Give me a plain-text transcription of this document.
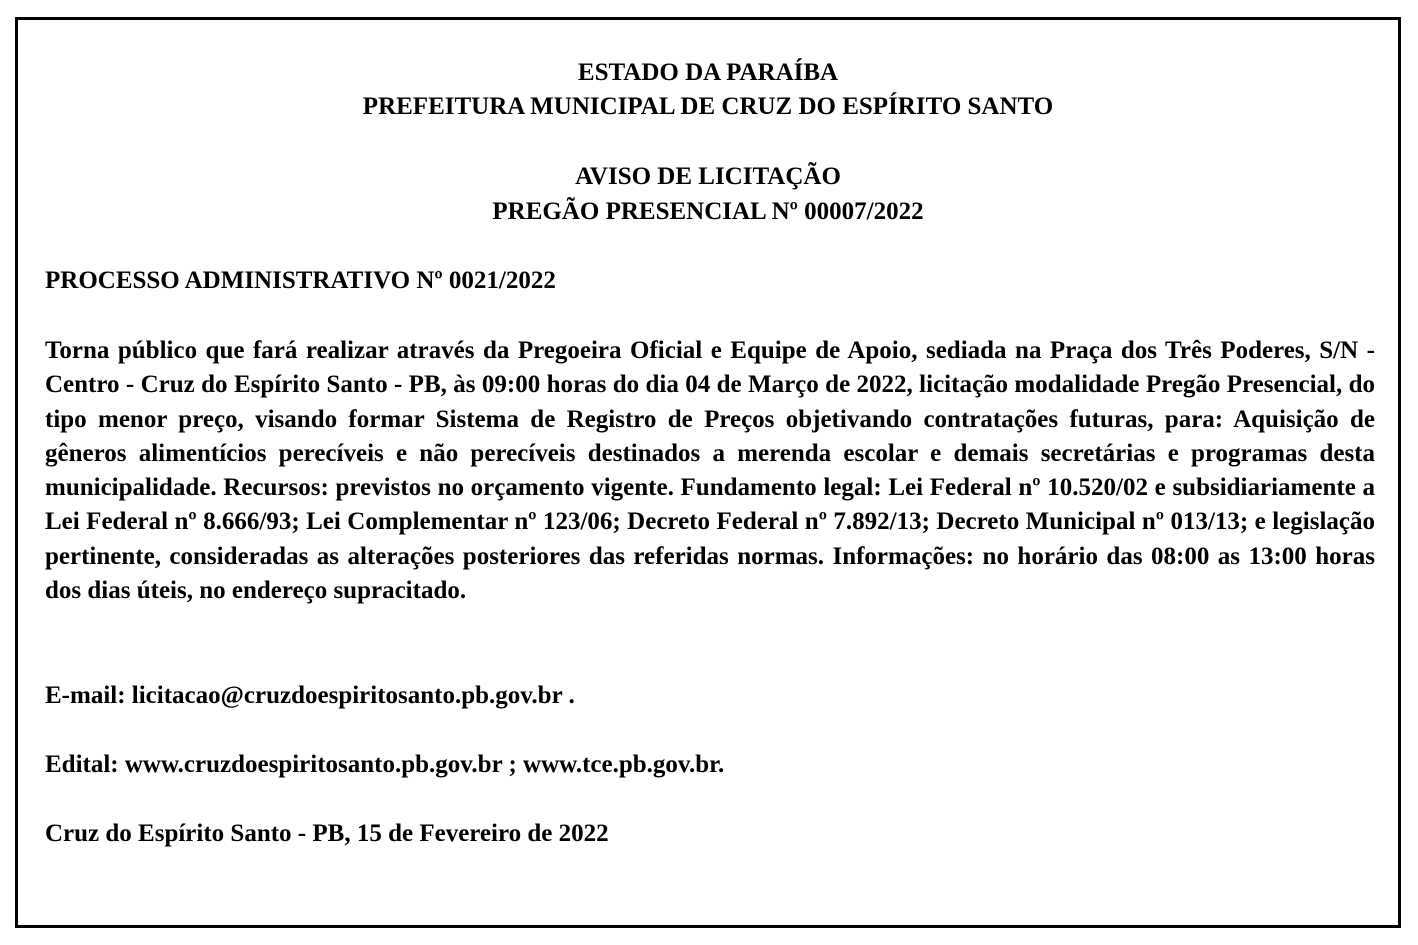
ESTADO DA PARAÍBA
PREFEITURA MUNICIPAL DE CRUZ DO ESPÍRITO SANTO
AVISO DE LICITAÇÃO
PREGÃO PRESENCIAL Nº 00007/2022
PROCESSO ADMINISTRATIVO Nº 0021/2022

Torna público que fará realizar através da Pregoeira Oficial e Equipe de Apoio, sediada na Praça dos Três Poderes, S/N - Centro - Cruz do Espírito Santo - PB, às 09:00 horas do dia 04 de Março de 2022, licitação modalidade Pregão Presencial, do tipo menor preço, visando formar Sistema de Registro de Preços objetivando contratações futuras, para: Aquisição de gêneros alimentícios perecíveis e não perecíveis destinados a merenda escolar e demais secretárias e programas desta municipalidade. Recursos: previstos no orçamento vigente. Fundamento legal: Lei Federal nº 10.520/02 e subsidiariamente a Lei Federal nº 8.666/93; Lei Complementar nº 123/06; Decreto Federal nº 7.892/13; Decreto Municipal nº 013/13; e legislação pertinente, consideradas as alterações posteriores das referidas normas. Informações: no horário das 08:00 as 13:00 horas dos dias úteis, no endereço supracitado.

E-mail: licitacao@cruzdoespiritosanto.pb.gov.br .
Edital: www.cruzdoespiritosanto.pb.gov.br ; www.tce.pb.gov.br.
Cruz do Espírito Santo - PB, 15 de Fevereiro de 2022
